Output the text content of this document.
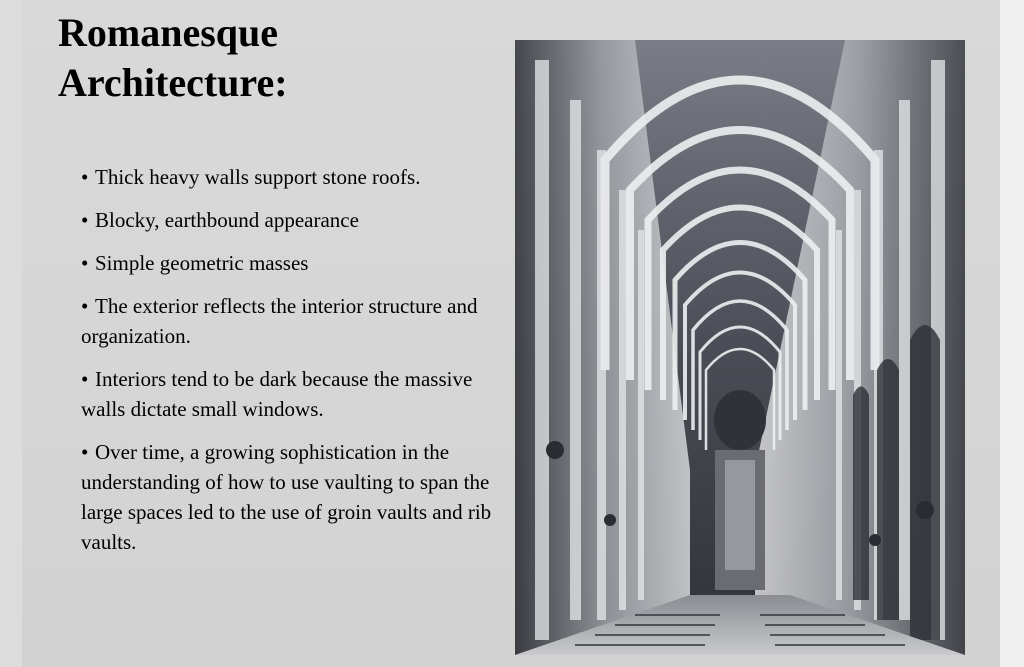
Romanesque
Architecture:
• Thick heavy walls support stone roofs.
• Blocky, earthbound appearance
• Simple geometric masses
• The exterior reflects the interior structure and organization.
• Interiors tend to be dark because the massive walls dictate small windows.
• Over time, a growing sophistication in the understanding of how to use vaulting to span the large spaces led to the use of groin vaults and rib vaults.
